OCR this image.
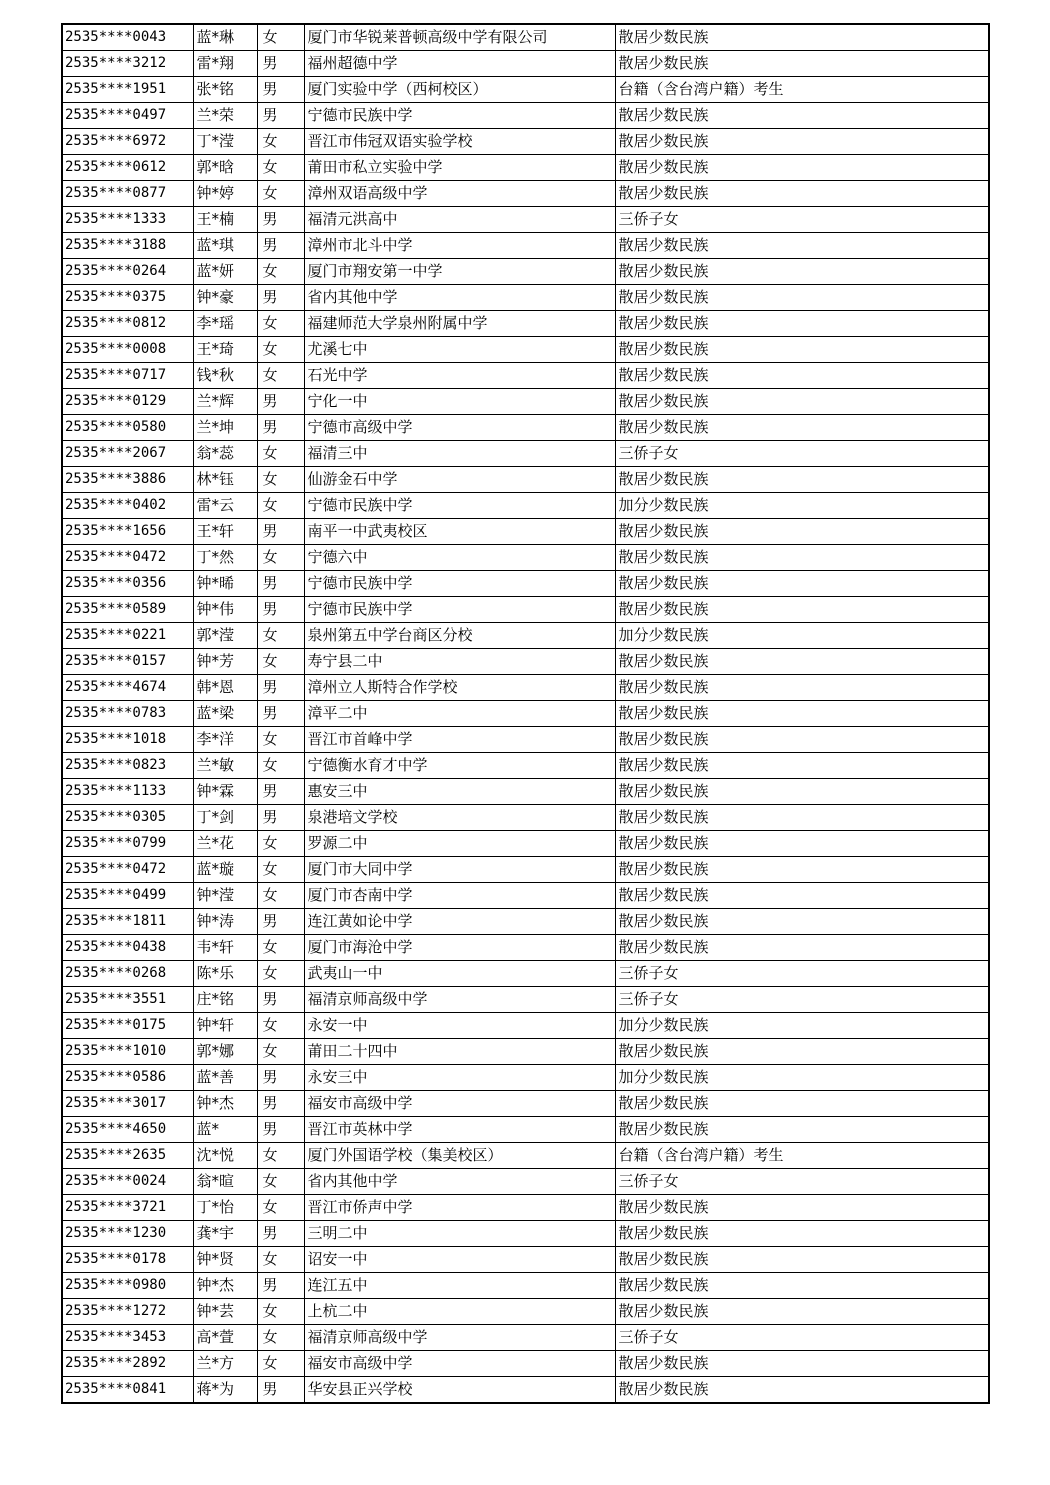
2535****0043	蓝*琳	女	厦门市华锐莱普顿高级中学有限公司	散居少数民族
2535****3212	雷*翔	男	福州超德中学	散居少数民族
2535****1951	张*铭	男	厦门实验中学（西柯校区）	台籍（含台湾户籍）考生
2535****0497	兰*荣	男	宁德市民族中学	散居少数民族
2535****6972	丁*滢	女	晋江市伟冠双语实验学校	散居少数民族
2535****0612	郭*晗	女	莆田市私立实验中学	散居少数民族
2535****0877	钟*婷	女	漳州双语高级中学	散居少数民族
2535****1333	王*楠	男	福清元洪高中	三侨子女
2535****3188	蓝*琪	男	漳州市北斗中学	散居少数民族
2535****0264	蓝*妍	女	厦门市翔安第一中学	散居少数民族
2535****0375	钟*豪	男	省内其他中学	散居少数民族
2535****0812	李*瑶	女	福建师范大学泉州附属中学	散居少数民族
2535****0008	王*琦	女	尤溪七中	散居少数民族
2535****0717	钱*秋	女	石光中学	散居少数民族
2535****0129	兰*辉	男	宁化一中	散居少数民族
2535****0580	兰*坤	男	宁德市高级中学	散居少数民族
2535****2067	翁*蕊	女	福清三中	三侨子女
2535****3886	林*钰	女	仙游金石中学	散居少数民族
2535****0402	雷*云	女	宁德市民族中学	加分少数民族
2535****1656	王*轩	男	南平一中武夷校区	散居少数民族
2535****0472	丁*然	女	宁德六中	散居少数民族
2535****0356	钟*晞	男	宁德市民族中学	散居少数民族
2535****0589	钟*伟	男	宁德市民族中学	散居少数民族
2535****0221	郭*滢	女	泉州第五中学台商区分校	加分少数民族
2535****0157	钟*芳	女	寿宁县二中	散居少数民族
2535****4674	韩*恩	男	漳州立人斯特合作学校	散居少数民族
2535****0783	蓝*梁	男	漳平二中	散居少数民族
2535****1018	李*洋	女	晋江市首峰中学	散居少数民族
2535****0823	兰*敏	女	宁德衡水育才中学	散居少数民族
2535****1133	钟*霖	男	惠安三中	散居少数民族
2535****0305	丁*剑	男	泉港培文学校	散居少数民族
2535****0799	兰*花	女	罗源二中	散居少数民族
2535****0472	蓝*璇	女	厦门市大同中学	散居少数民族
2535****0499	钟*滢	女	厦门市杏南中学	散居少数民族
2535****1811	钟*涛	男	连江黄如论中学	散居少数民族
2535****0438	韦*轩	女	厦门市海沧中学	散居少数民族
2535****0268	陈*乐	女	武夷山一中	三侨子女
2535****3551	庄*铭	男	福清京师高级中学	三侨子女
2535****0175	钟*轩	女	永安一中	加分少数民族
2535****1010	郭*娜	女	莆田二十四中	散居少数民族
2535****0586	蓝*善	男	永安三中	加分少数民族
2535****3017	钟*杰	男	福安市高级中学	散居少数民族
2535****4650	蓝*	男	晋江市英林中学	散居少数民族
2535****2635	沈*悦	女	厦门外国语学校（集美校区）	台籍（含台湾户籍）考生
2535****0024	翁*暄	女	省内其他中学	三侨子女
2535****3721	丁*怡	女	晋江市侨声中学	散居少数民族
2535****1230	龚*宇	男	三明二中	散居少数民族
2535****0178	钟*贤	女	诏安一中	散居少数民族
2535****0980	钟*杰	男	连江五中	散居少数民族
2535****1272	钟*芸	女	上杭二中	散居少数民族
2535****3453	高*萱	女	福清京师高级中学	三侨子女
2535****2892	兰*方	女	福安市高级中学	散居少数民族
2535****0841	蒋*为	男	华安县正兴学校	散居少数民族
